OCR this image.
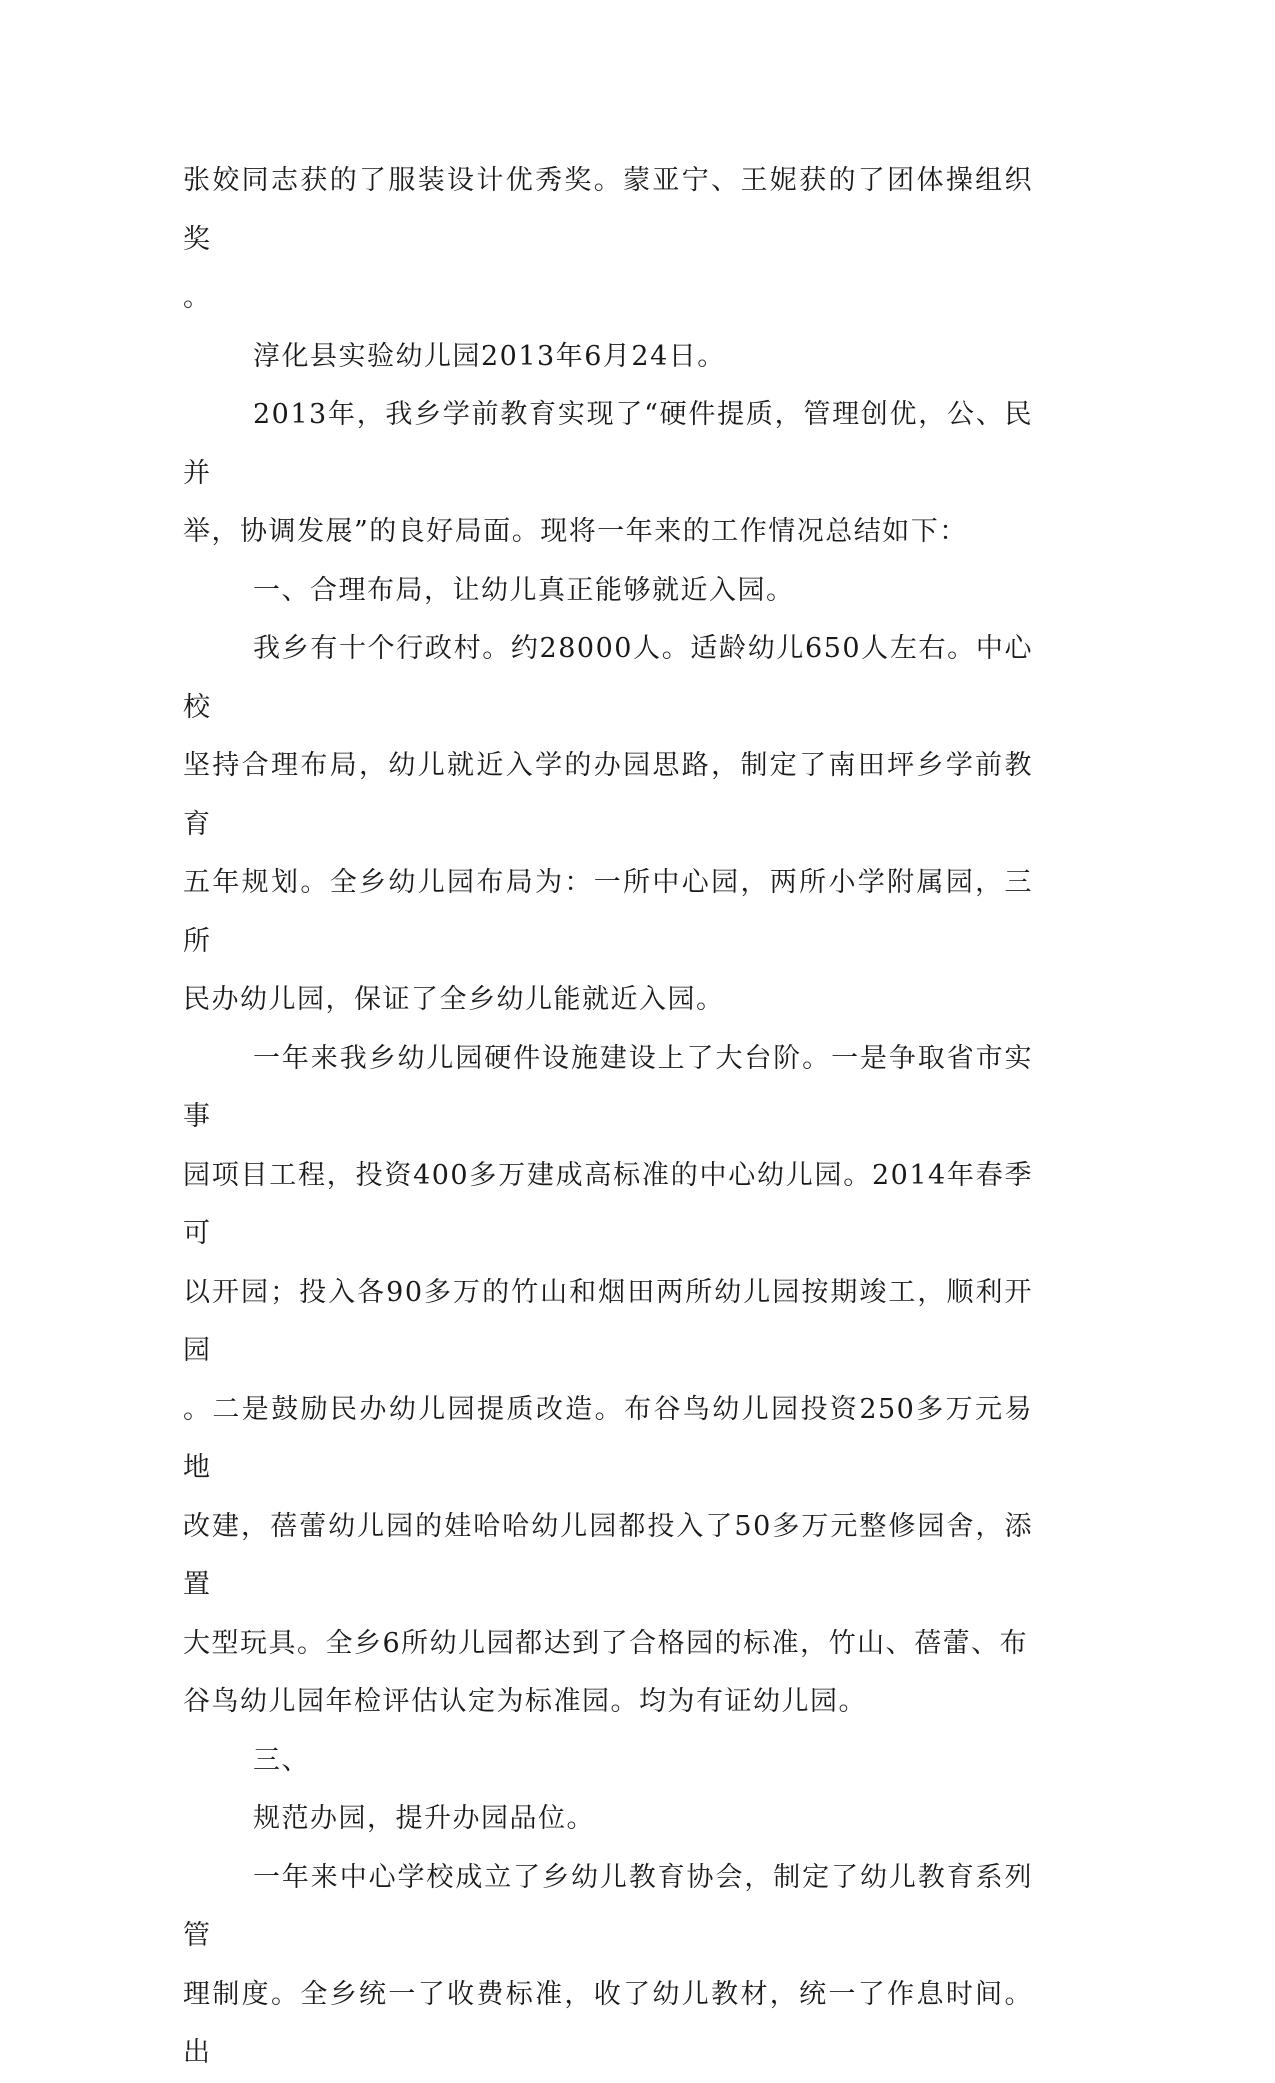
张姣同志获的了服装设计优秀奖。蒙亚宁、王妮获的了团体操组织奖
。

淳化县实验幼儿园2013年6月24日。

2013年，我乡学前教育实现了“硬件提质，管理创优，公、民并
举，协调发展”的良好局面。现将一年来的工作情况总结如下：

一、合理布局，让幼儿真正能够就近入园。

我乡有十个行政村。约28000人。适龄幼儿650人左右。中心校
坚持合理布局，幼儿就近入学的办园思路，制定了南田坪乡学前教育
五年规划。全乡幼儿园布局为：一所中心园，两所小学附属园，三所
民办幼儿园，保证了全乡幼儿能就近入园。

一年来我乡幼儿园硬件设施建设上了大台阶。一是争取省市实事
园项目工程，投资400多万建成高标准的中心幼儿园。2014年春季可
以开园；投入各90多万的竹山和烟田两所幼儿园按期竣工，顺利开园
。二是鼓励民办幼儿园提质改造。布谷鸟幼儿园投资250多万元易地
改建，蓓蕾幼儿园的娃哈哈幼儿园都投入了50多万元整修园舍，添置
大型玩具。全乡6所幼儿园都达到了合格园的标准，竹山、蓓蕾、布
谷鸟幼儿园年检评估认定为标准园。均为有证幼儿园。

三、

规范办园，提升办园品位。

一年来中心学校成立了乡幼儿教育协会，制定了幼儿教育系列管
理制度。全乡统一了收费标准，收了幼儿教材，统一了作息时间。出
